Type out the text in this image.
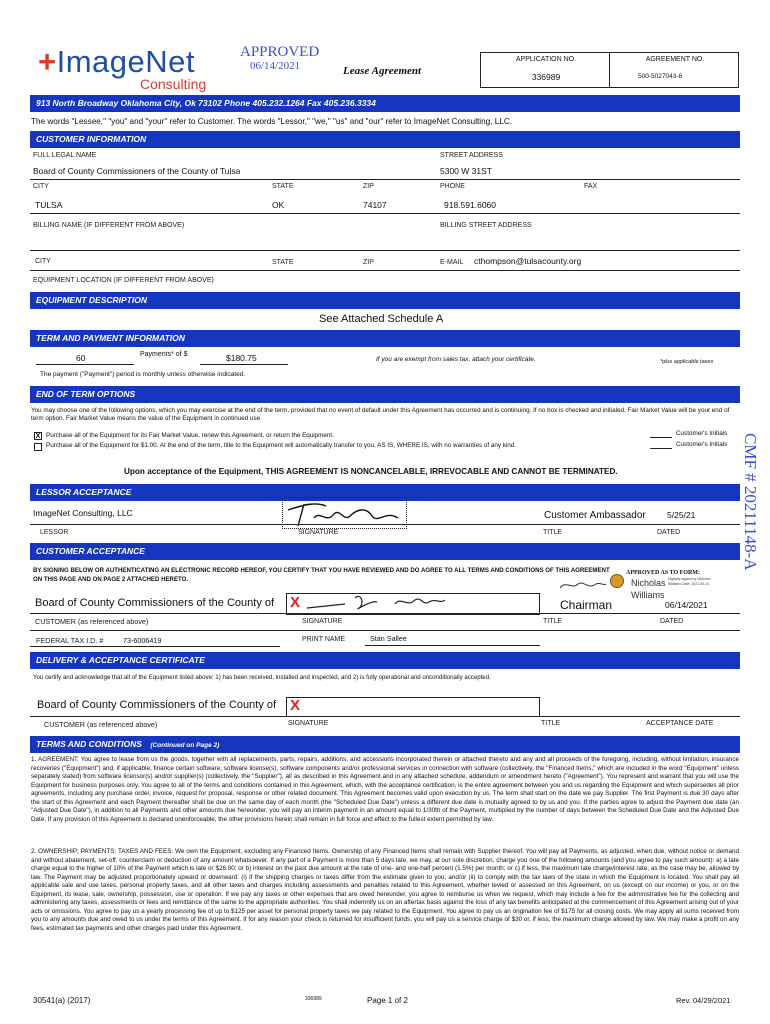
+ImageNet
Consulting
APPROVED
06/14/2021	Lease Agreement
APPLICATION NO.
336989
AGREEMENT NO.
500-5027043-6
913 North Broadway Oklahoma City, Ok 73102 Phone 405.232.1264 Fax 405.236.3334
The words "Lessee," "you" and "your" refer to Customer. The words "Lessor," "we," "us" and "our" refer to ImageNet Consulting, LLC.
CUSTOMER INFORMATION
FULL LEGAL NAME	STREET ADDRESS
Board of County Commissioners of the County of Tulsa	5300 W 31ST
CITY	STATE	ZIP	PHONE	FAX
TULSA	OK	74107	918.591.6060
BILLING NAME (IF DIFFERENT FROM ABOVE)	BILLING STREET ADDRESS
CITY	STATE	ZIP	E-MAIL cthompson@tulsacounty.org
EQUIPMENT LOCATION (IF DIFFERENT FROM ABOVE)
EQUIPMENT DESCRIPTION
See Attached Schedule A
TERM AND PAYMENT INFORMATION
60	Payments* of $	$180.75	If you are exempt from sales tax, attach your certificate.	*plus applicable taxes
The payment ("Payment") period is monthly unless otherwise indicated.
END OF TERM OPTIONS
You may choose one of the following options, which you may exercise at the end of the term, provided that no event of default under this Agreement has occurred and is continuing. If no box is checked and initialed, Fair Market Value will be your end of term option. Fair Market Value means the value of the Equipment in continued use.
X Purchase all of the Equipment for its Fair Market Value, renew this Agreement, or return the Equipment.
Purchase all of the Equipment for $1.00. At the end of the term, title to the Equipment will automatically transfer to you, AS IS, WHERE IS, with no warranties of any kind.
Customer's Initials
Customer's Initials
Upon acceptance of the Equipment, THIS AGREEMENT IS NONCANCELABLE, IRREVOCABLE AND CANNOT BE TERMINATED.
LESSOR ACCEPTANCE
ImageNet Consulting, LLC	Customer Ambassador	5/25/21
LESSOR	SIGNATURE	TITLE	DATED
CUSTOMER ACCEPTANCE
BY SIGNING BELOW OR AUTHENTICATING AN ELECTRONIC RECORD HEREOF, YOU CERTIFY THAT YOU HAVE REVIEWED AND DO AGREE TO ALL TERMS AND CONDITIONS OF THIS AGREEMENT ON THIS PAGE AND ON PAGE 2 ATTACHED HERETO.
APPROVED AS TO FORM:
Nicholas
Williams
Digitally signed by Nicholas Williams Date: 2021.06.14
Board of County Commissioners of the County of	X	Chairman	06/14/2021
CUSTOMER (as referenced above)	SIGNATURE	TITLE	DATED
FEDERAL TAX I.D. #	73-6006419	PRINT NAME	Stan Sallee
DELIVERY & ACCEPTANCE CERTIFICATE
You certify and acknowledge that all of the Equipment listed above: 1) has been received, installed and inspected, and 2) is fully operational and unconditionally accepted.
Board of County Commissioners of the County of X
CUSTOMER (as referenced above)	SIGNATURE	TITLE	ACCEPTANCE DATE
TERMS AND CONDITIONS (Continued on Page 2)
1. AGREEMENT: You agree to lease from us the goods, together with all replacements, parts, repairs, additions, and accessions incorporated therein or attached thereto and any and all proceeds of the foregoing, including, without limitation, insurance recoveries ("Equipment") and, if applicable, finance certain software, software license(s), software components and/or professional services in connection with software (collectively, the "Financed Items," which are included in the word "Equipment" unless separately stated) from software licensor(s) and/or supplier(s) (collectively, the "Supplier"), all as described in this Agreement and in any attached schedule, addendum or amendment hereto ("Agreement"). You represent and warrant that you will use the Equipment for business purposes only. You agree to all of the terms and conditions contained in this Agreement, which, with the acceptance certification, is the entire agreement between you and us regarding the Equipment and which supersedes all prior agreements, including any purchase order, invoice, request for proposal, response or other related document. This Agreement becomes valid upon execution by us. The term shall start on the date we pay Supplier. The first Payment is due 30 days after the start of this Agreement and each Payment thereafter shall be due on the same day of each month (the "Scheduled Due Date") unless a different due date is mutually agreed to by us and you. If the parties agree to adjust the Payment due date (an "Adjusted Due Date"), in addition to all Payments and other amounts due hereunder, you will pay an interim payment in an amount equal to 1/30th of the Payment, multiplied by the number of days between the Scheduled Due Date and the Adjusted Due Date. If any provision of this Agreement is declared unenforceable, the other provisions herein shall remain in full force and effect to the fullest extent permitted by law.
2. OWNERSHIP; PAYMENTS; TAXES AND FEES: We own the Equipment, excluding any Financed Items. Ownership of any Financed Items shall remain with Supplier thereof. You will pay all Payments, as adjusted, when due, without notice or demand and without abatement, set-off, counterclaim or deduction of any amount whatsoever. If any part of a Payment is more than 5 days late, we may, at our sole discretion, charge you one of the following amounts (and you agree to pay such amount): a) a late charge equal to the higher of 10% of the Payment which is late or $26.00; or b) interest on the past due amount at the rate of one- and one-half percent (1.5%) per month; or c) if less, the maximum late charge/interest rate, as the case may be, allowed by law. The Payment may be adjusted proportionately upward or downward: (i) if the shipping charges or taxes differ from the estimate given to you; and/or (ii) to comply with the tax laws of the state in which the Equipment is located. You shall pay all applicable sale and use taxes, personal property taxes, and all other taxes and charges including assessments and penalties related to this Agreement, whether levied or assessed on this Agreement, on us (except on our income) or you, or on the Equipment, its lease, sale, ownership, possession, use or operation. If we pay any taxes or other expenses that are owed hereunder, you agree to reimburse us when we request, which may include a fee for the administrative fee for the collecting and administering any taxes, assessments or fees and remittance of the same to the appropriate authorities. You shall indemnify us on an aftertax basis against the loss of any tax benefits anticipated at the commencement of this Agreement arising out of your acts or omissions. You agree to pay us a yearly processing fee of up to $125 per asset for personal property taxes we pay related to the Equipment. You agree to pay us an origination fee of $175 for all closing costs. We may apply all sums received from you to any amounts due and owed to us under the terms of this Agreement. If for any reason your check is returned for insufficient funds, you will pay us a service charge of $30 or, if less, the maximum charge allowed by law. We may make a profit on any fees, estimated tax payments and other charges paid under this Agreement.
30541(a) (2017)	336989	Page 1 of 2	Rev. 04/29/2021
CMF # 20211148-A
